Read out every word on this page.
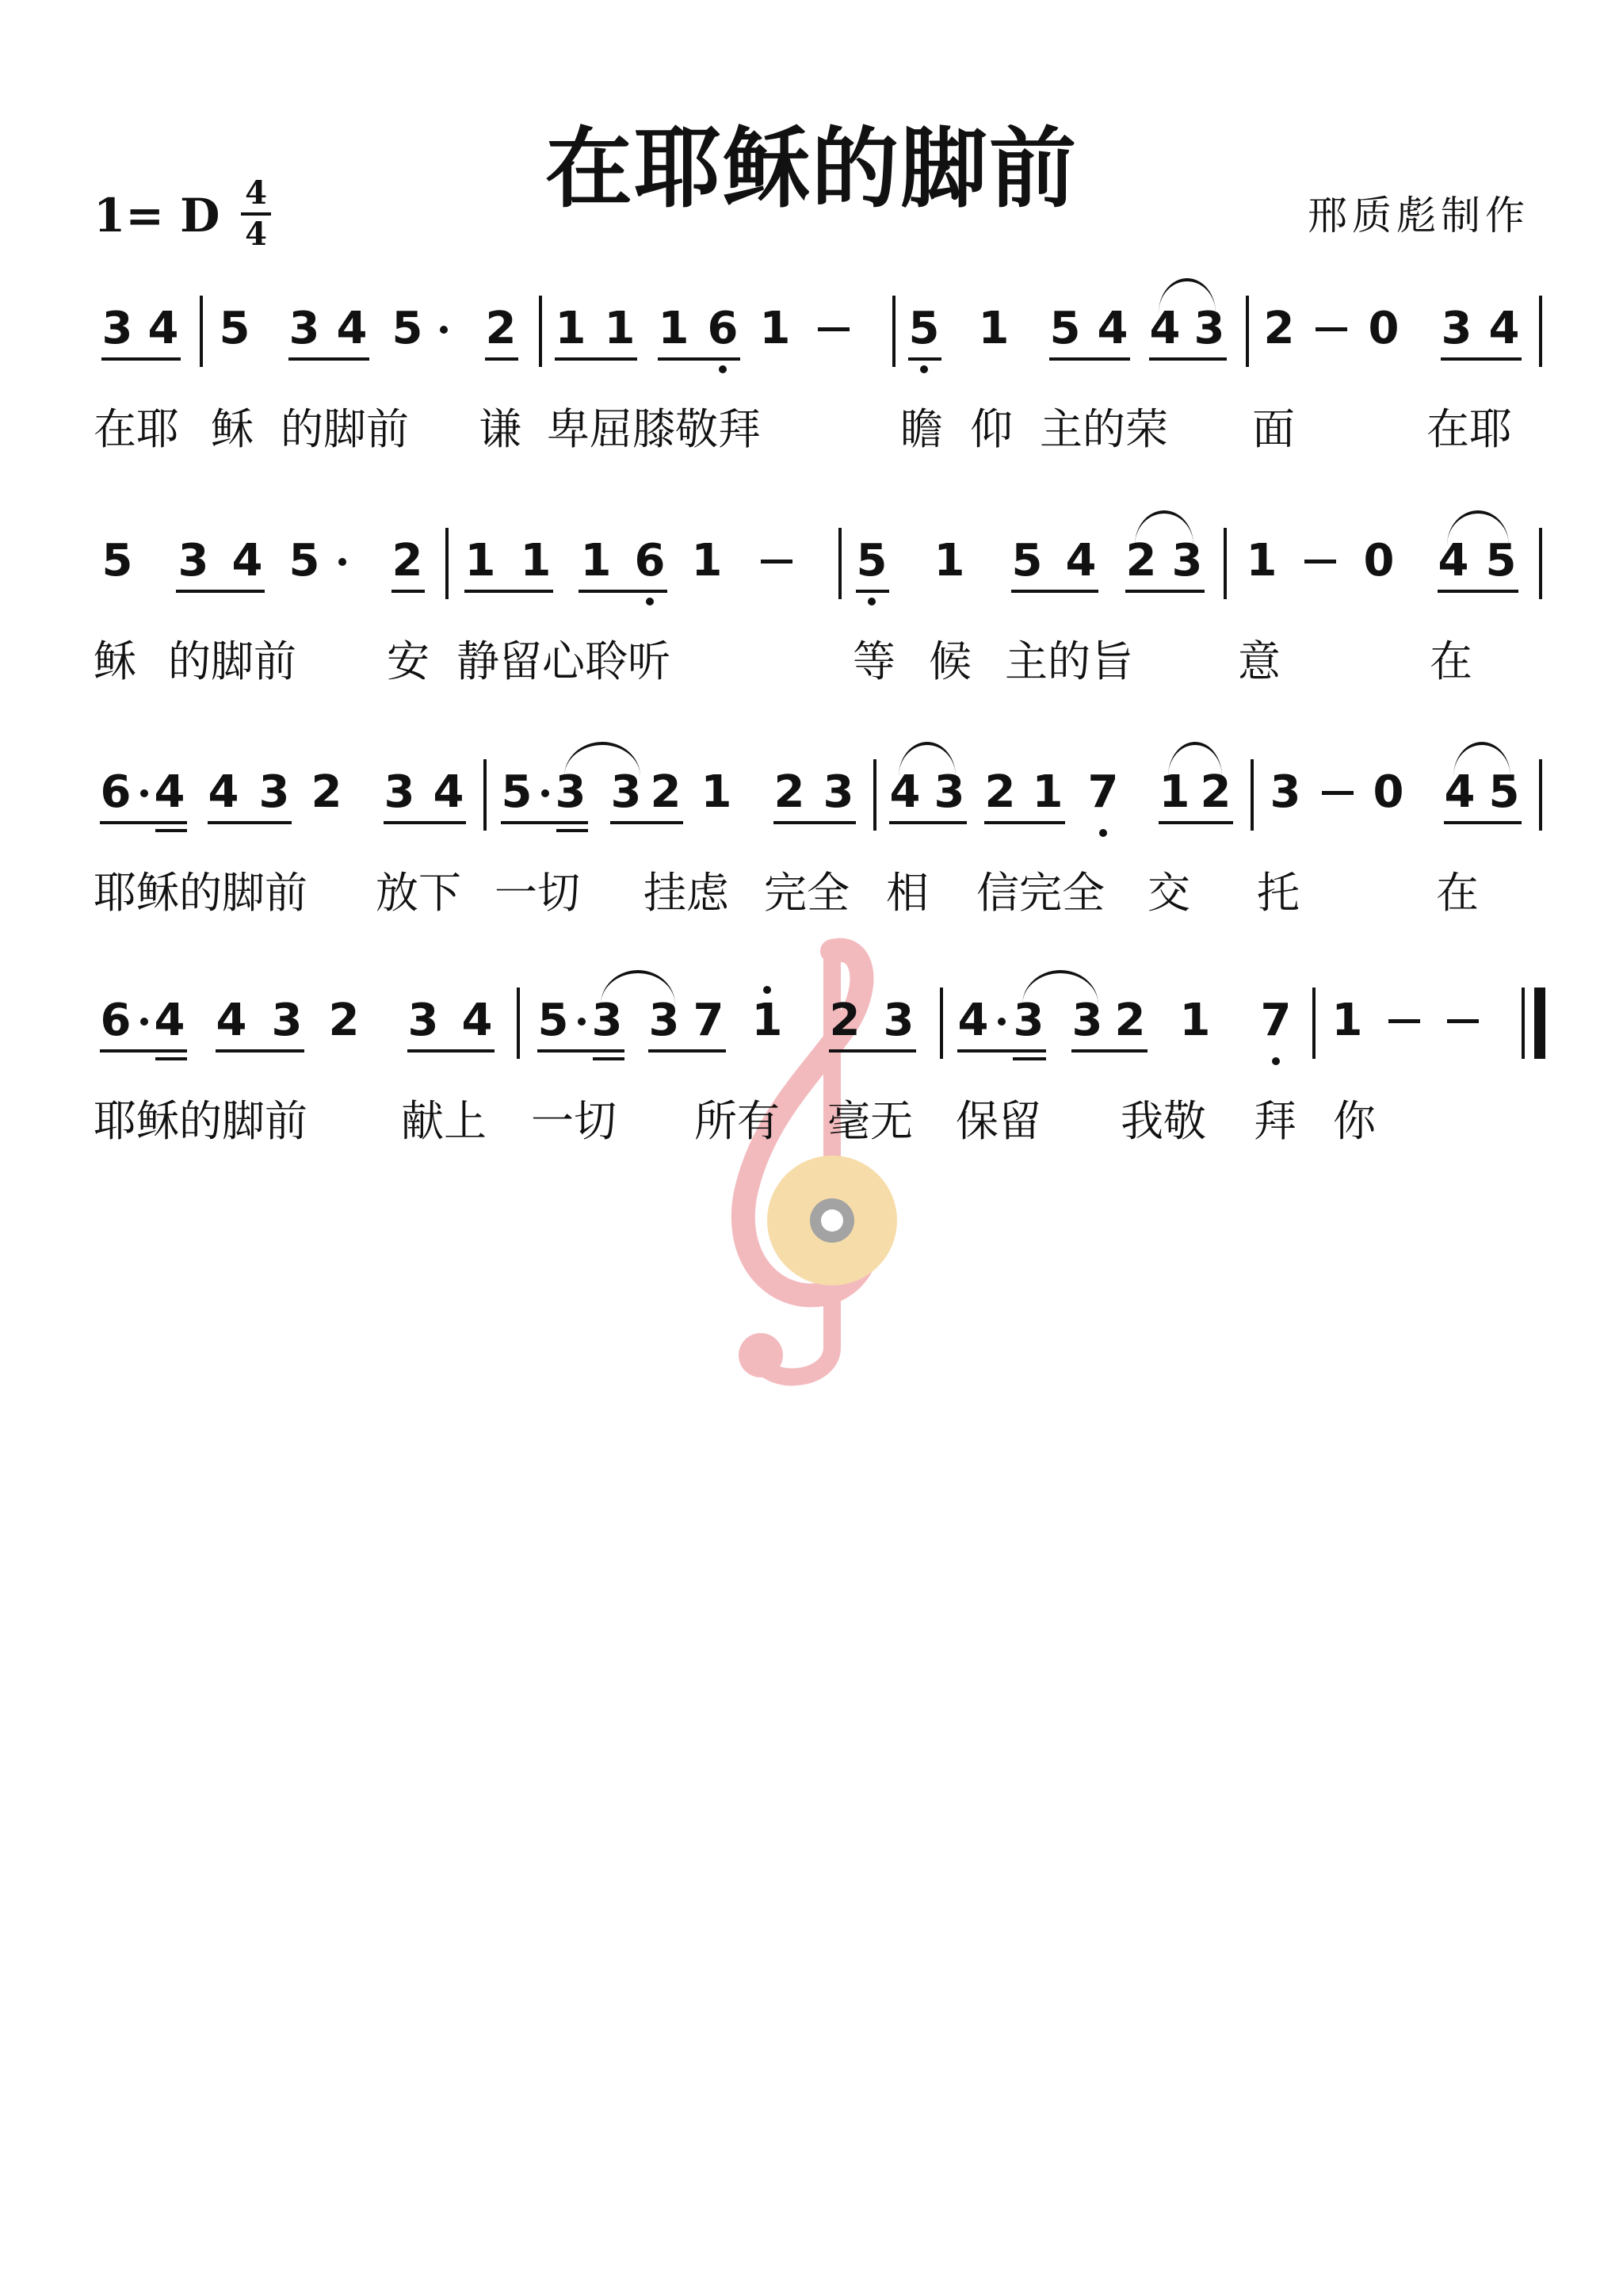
在耶稣的脚前
1= D 4
4	邢质彪制作
3 4 5 3 4 5 2 1 1 1 6 1	5 1 5 4 4 3 2 0 3 4
在耶 稣 的脚前 谦 卑屈膝敬拜	瞻 仰 主的荣 面	在耶
5 3 4 5 2 1 1 1 6 1	5 1 5 4 2 3 1 0 4 5
稣 的脚前 安 静留心聆听	等 候 主的旨 意	在
6 4 4 3 2 3 4 5 3 3 2 1 2 3 4 3 2 1 7 1 2 3 0 4 5
耶稣的脚前 放下 一切 挂虑 完全 相 信完全 交 托	在
6 4 4 3 2 3 4 5 3 3 7 1 2 3 4 3 3 2 1 7 1
耶稣的脚前 献上 一切 所有 毫无 保留 我敬 拜 你
